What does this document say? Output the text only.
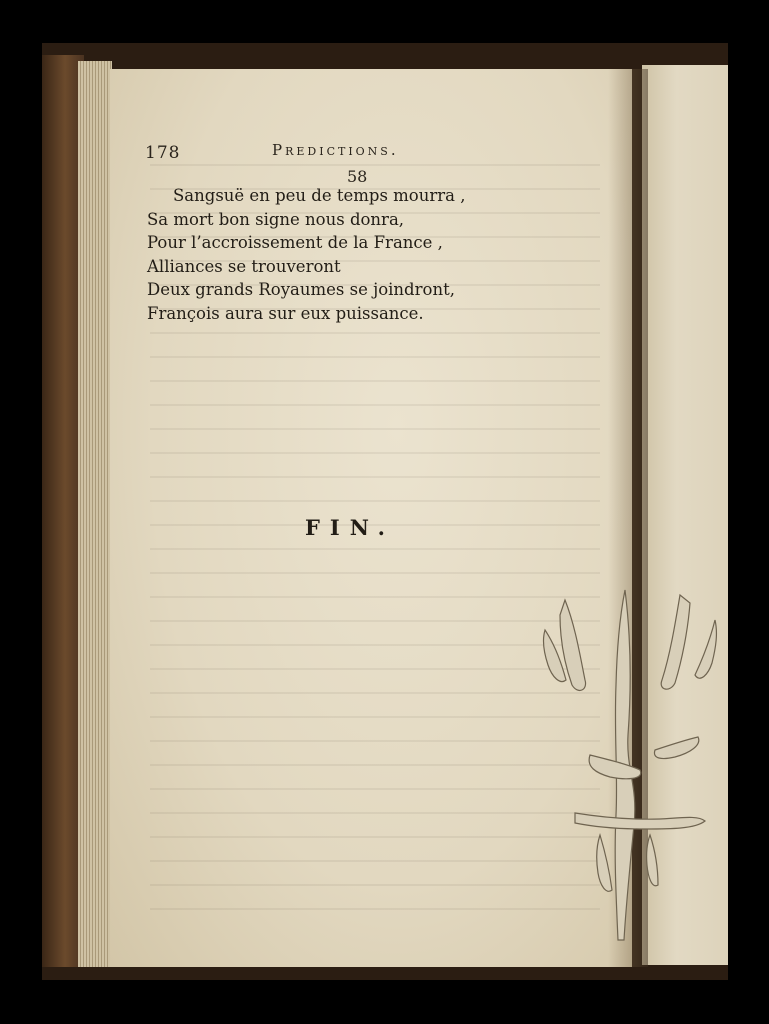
178	Predictions.
58
Sangsuë en peu de temps mourra ,
Sa mort bon signe nous donra,
Pour l’accroissement de la France ,
Alliances se trouveront
Deux grands Royaumes se joindront,
François aura sur eux puissance.
FIN.
